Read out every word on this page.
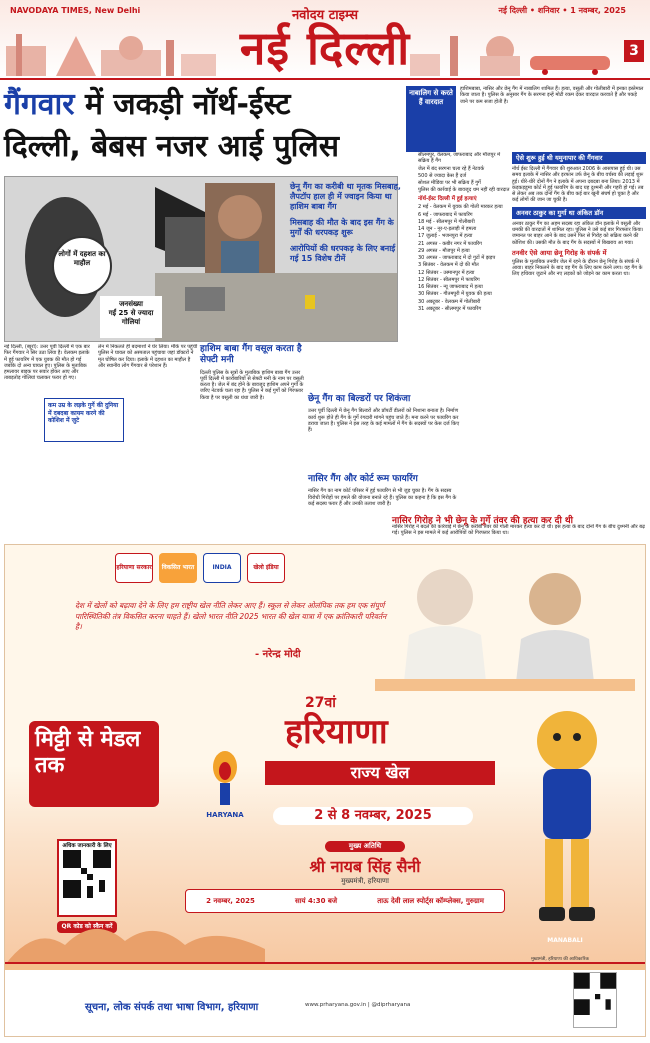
NAVODAYA TIMES, New Delhi	नई दिल्ली • शनिवार • 1 नवम्बर, 2025
नवोदय टाइम्स
नई दिल्ली	3
गैंगवार में जकड़ी नॉर्थ-ईस्ट
दिल्ली, बेबस नजर आई पुलिस
नाबालिग से करते हैं वारदात
हाशिमबाबा, नासिर और छेनू गैंग में नाबालिग शामिल हैं। हत्या, वसूली और गोलीबारी में इनका इस्तेमाल किया जाता है। पुलिस के अनुसार गैंग के सरगना इन्हें मोटी रकम देकर वारदात करवाते हैं और पकड़े जाने पर कम सजा होती है।

छेनू गैंग का करीबी था मृतक मिसबाह, लैपटॉप हाल ही में ज्वाइन किया था हाशिम बाबा गैंग

मिसबाह की मौत के बाद इस गैंग के मुर्गों की धरपकड़ शुरू

आरोपियों की धरपकड़ के लिए बनाई गई 15 विशेष टीमें

लोगों में दहशत का माहौल
जनसंख्या
गईं 25 से ज्यादा गोलियां
नई दिल्ली, (ब्यूरो): उत्तर पूर्वी दिल्ली में एक बार फिर गैंगवार ने सिर उठा लिया है। वेलकम इलाके में हुई फायरिंग में एक युवक की मौत हो गई जबकि दो अन्य घायल हुए। पुलिस के मुताबिक हमलावर बाइक पर सवार होकर आए और ताबड़तोड़ गोलियां चलाकर फरार हो गए।
लेन में निकलते ही बदमाशों ने घेर लिया। मौके पर पहुंची पुलिस ने घायल को अस्पताल पहुंचाया जहां डॉक्टरों ने मृत घोषित कर दिया। इलाके में दहशत का माहौल है और स्थानीय लोग गैंगवार से परेशान हैं।
कम उम्र के लड़के गुर्गे की दुनिया में दबदबा कायम करने की कोशिश में जुटे
हाशिम बाबा गैंग वसूल करता है सेफ्टी मनी
दिल्ली पुलिस के सूत्रों के मुताबिक हाशिम बाबा गैंग उत्तर पूर्वी दिल्ली में कारोबारियों से सेफ्टी मनी के नाम पर वसूली करता है। जेल में बंद होने के बावजूद हाशिम अपने गुर्गों के जरिए नेटवर्क चला रहा है। पुलिस ने कई गुर्गों को गिरफ्तार किया है पर वसूली का धंधा जारी है।	छेनू गैंग का बिल्डरों पर शिकंजा
उत्तर पूर्वी दिल्ली में छेनू गैंग बिल्डरों और प्रॉपर्टी डीलरों को निशाना बनाता है। निर्माण कार्य शुरू होते ही गैंग के गुर्गे रंगदारी मांगने पहुंच जाते हैं। मना करने पर फायरिंग कर डराया जाता है। पुलिस ने इस तरह के कई मामलों में गैंग के सदस्यों पर केस दर्ज किए हैं।
नासिर गैंग और कोर्ट रूम फायरिंग
नासिर गैंग का नाम कोर्ट परिसर में हुई फायरिंग से भी जुड़ चुका है। गैंग के सदस्य विरोधी गिरोहों पर हमले की योजना बनाते रहे हैं। पुलिस का कहना है कि इस गैंग के कई सदस्य फरार हैं और उनकी तलाश जारी है।
सीलमपुर, वेलकम, जाफराबाद और मौजपुर में सक्रिय हैं गैंग
जेल में बंद सरगना चला रहे हैं नेटवर्क
500 से ज्यादा केस हैं दर्ज
सोशल मीडिया पर भी सक्रिय हैं गुर्गे
पुलिस की कार्रवाई के बावजूद थम नहीं रही वारदात
नॉर्थ-ईस्ट दिल्ली में हुई हत्याएं
2 मई - वेलकम में युवक की गोली मारकर हत्या
6 मई - जाफराबाद में फायरिंग
18 मई - सीलमपुर में गोलीबारी
14 जून - नूर-ए-इलाही में हमला
17 जुलाई - भजनपुरा में हत्या
21 अगस्त - कबीर नगर में फायरिंग
29 अगस्त - मौजपुर में हत्या
30 अगस्त - जाफराबाद में दो गुटों में झड़प
3 सितंबर - वेलकम में दो की मौत
12 सितंबर - उस्मानपुर में हत्या
12 सितंबर - सीलमपुर में फायरिंग
16 सितंबर - न्यू जाफराबाद में हत्या
30 सितंबर - गौतमपुरी में युवक की हत्या
30 अक्टूबर - वेलकम में गोलीबारी
31 अक्टूबर - सीलमपुर में फायरिंग
ऐसे शुरू हुई थी यमुनापार की गैंगवार
नॉर्थ ईस्ट दिल्ली में गैंगवार की शुरुआत 2006 के आसपास हुई थी। उस समय इलाके में नासिर और इरफान उर्फ छेनू के बीच वर्चस्व की लड़ाई शुरू हुई। धीरे-धीरे दोनों गैंग ने इलाके में अपना दबदबा बना लिया। 2013 में कड़कड़डूमा कोर्ट में हुई फायरिंग के बाद यह दुश्मनी और गहरी हो गई। तब से लेकर अब तक दोनों गैंग के बीच कई बार खूनी संघर्ष हो चुका है और कई लोगों की जान जा चुकी है।
अनवर ठाकुर का गुर्गा था अंकित डॉन
अनवर ठाकुर गैंग का अहम सदस्य रहा अंकित डॉन इलाके में वसूली और धमकी की वारदातों में शामिल रहा। पुलिस ने उसे कई बार गिरफ्तार किया। जमानत पर बाहर आने के बाद उसने फिर से गिरोह को सक्रिय करने की कोशिश की। उसकी मौत के बाद गैंग के सदस्यों में बिखराव आ गया।
तनवीर ऐसे आया छेनू गिरोह के संपर्क में
पुलिस के मुताबिक तनवीर जेल में रहने के दौरान छेनू गिरोह के संपर्क में आया। बाहर निकलने के बाद वह गैंग के लिए काम करने लगा। वह गैंग के लिए हथियार जुटाने और नए लड़कों को जोड़ने का काम करता था।
नासिर गिरोह ने भी छेनू के गुर्गे तंवर की हत्या कर दी थी
नासिर गिरोह ने बदले की कार्रवाई में छेनू के करीबी तंवर की गोली मारकर हत्या कर दी थी। इस हत्या के बाद दोनों गैंग के बीच दुश्मनी और बढ़ गई। पुलिस ने इस मामले में कई आरोपियों को गिरफ्तार किया था।
हरियाणा सरकार	विकसित भारत	INDIA	खेलो इंडिया
देश में खेलों को बढ़ावा देने के लिए हम राष्ट्रीय खेल नीति लेकर आए हैं। स्कूल से लेकर ओलंपिक तक हम एक संपूर्ण पारिस्थितिकी तंत्र विकसित करना चाहते हैं। खेलो भारत नीति 2025 भारत की खेल यात्रा में एक क्रांतिकारी परिवर्तन है।
- नरेन्द्र मोदी
मिट्टी से मेडल तक
HARYANA
27वां
हरियाणा
राज्य खेल
2 से 8 नवम्बर, 2025
मुख्य अतिथि
श्री नायब सिंह सैनी
मुख्यमंत्री, हरियाणा
2 नवम्बर, 2025	सायं 4:30 बजे	ताऊ देवी लाल स्पोर्ट्स कॉम्प्लेक्स, गुरुग्राम
अधिक जानकारी के लिए
QR कोड को स्कैन करें
MANABALI
मुख्यमंत्री, हरियाणा की आधिकारिक
सूचना, लोक संपर्क तथा भाषा विभाग, हरियाणा	www.prharyana.gov.in | @diprharyana
